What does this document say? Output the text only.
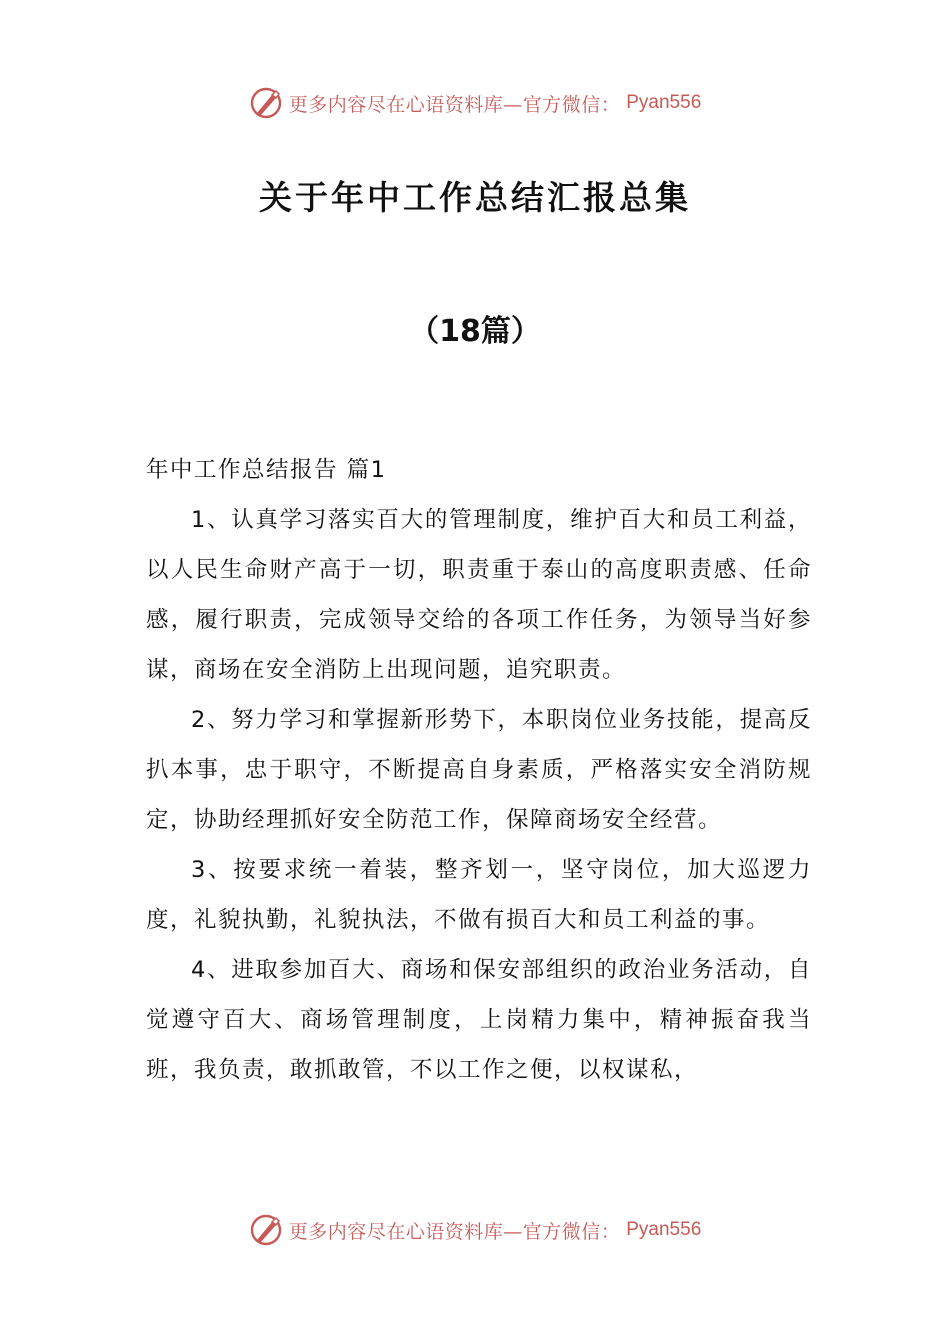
更多内容尽在心语资料库—官方微信： Pyan556
关于年中工作总结汇报总集
（18篇）

年中工作总结报告 篇1

1、认真学习落实百大的管理制度，维护百大和员工利益，以人民生命财产高于一切，职责重于泰山的高度职责感、任命感，履行职责，完成领导交给的各项工作任务，为领导当好参谋，商场在安全消防上出现问题，追究职责。

2、努力学习和掌握新形势下，本职岗位业务技能，提高反扒本事，忠于职守，不断提高自身素质，严格落实安全消防规定，协助经理抓好安全防范工作，保障商场安全经营。

3、按要求统一着装，整齐划一，坚守岗位，加大巡逻力度，礼貌执勤，礼貌执法，不做有损百大和员工利益的事。

4、进取参加百大、商场和保安部组织的政治业务活动，自觉遵守百大、商场管理制度，上岗精力集中，精神振奋我当班，我负责，敢抓敢管，不以工作之便，以权谋私，

更多内容尽在心语资料库—官方微信： Pyan556
